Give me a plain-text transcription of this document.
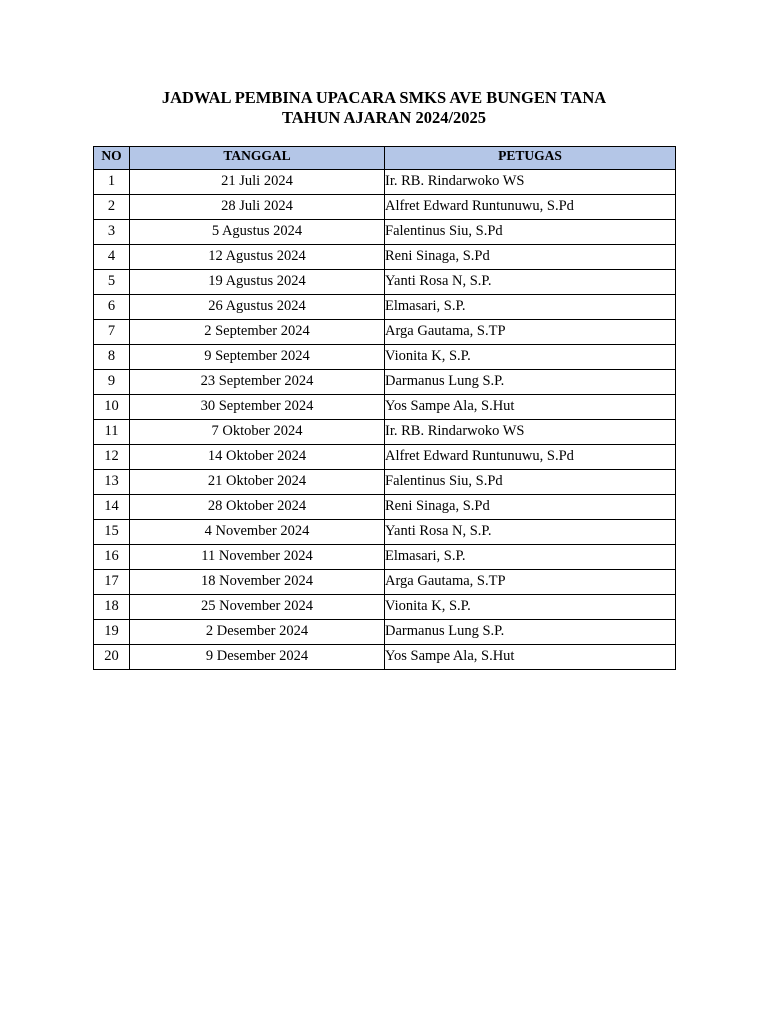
JADWAL PEMBINA UPACARA SMKS AVE BUNGEN TANA
TAHUN AJARAN 2024/2025
NO	TANGGAL	PETUGAS
1	21 Juli 2024	Ir. RB. Rindarwoko WS
2	28 Juli 2024	Alfret Edward Runtunuwu, S.Pd
3	5 Agustus 2024	Falentinus Siu, S.Pd
4	12 Agustus 2024	Reni Sinaga, S.Pd
5	19 Agustus 2024	Yanti Rosa N, S.P.
6	26 Agustus 2024	Elmasari, S.P.
7	2 September 2024	Arga Gautama, S.TP
8	9 September 2024	Vionita K, S.P.
9	23 September 2024	Darmanus Lung S.P.
10	30 September 2024	Yos Sampe Ala, S.Hut
11	7 Oktober 2024	Ir. RB. Rindarwoko WS
12	14 Oktober 2024	Alfret Edward Runtunuwu, S.Pd
13	21 Oktober 2024	Falentinus Siu, S.Pd
14	28 Oktober 2024	Reni Sinaga, S.Pd
15	4 November 2024	Yanti Rosa N, S.P.
16	11 November 2024	Elmasari, S.P.
17	18 November 2024	Arga Gautama, S.TP
18	25 November 2024	Vionita K, S.P.
19	2 Desember 2024	Darmanus Lung S.P.
20	9 Desember 2024	Yos Sampe Ala, S.Hut
